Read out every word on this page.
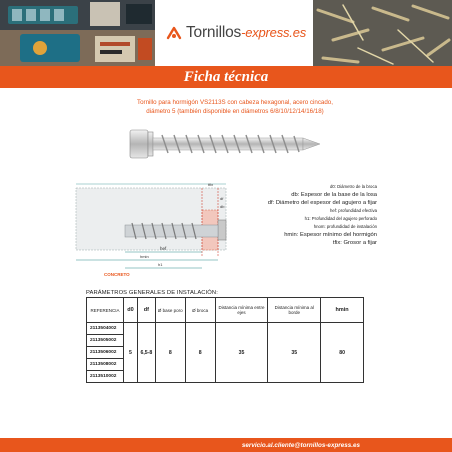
Tornillos-express.es
Ficha técnica
Tornillo para hormigón VS2113S con cabeza hexagonal, acero cincado,
diámetro 5 (también disponible en diámetros 6/8/10/12/14/16/18)
df
db
tfix
hef
h1
hmin
CONCRETO
d0: Diámetro de la broca
db: Espesor de la base de la losa
df: Diámetro del espesor del agujero a fijar
hef: profundidad efectiva
h1: Profundidad del agujero perforado
hnom: profundidad de instalación
hmin: Espesor mínimo del hormigón
tfix: Grosor a fijar
PARÁMETROS GENERALES DE INSTALACIÓN:
REFERENCIA	d0	df	Ø base poro	Ø broca	Distancia mínima entre ejes	Distancia mínima al borde	hmin
2113504002	5	6,5-8	8	8	35	35	80
2113505002							
2113506002							
2113508002							
2113510002							
servicio.al.cliente@tornillos-express.es
